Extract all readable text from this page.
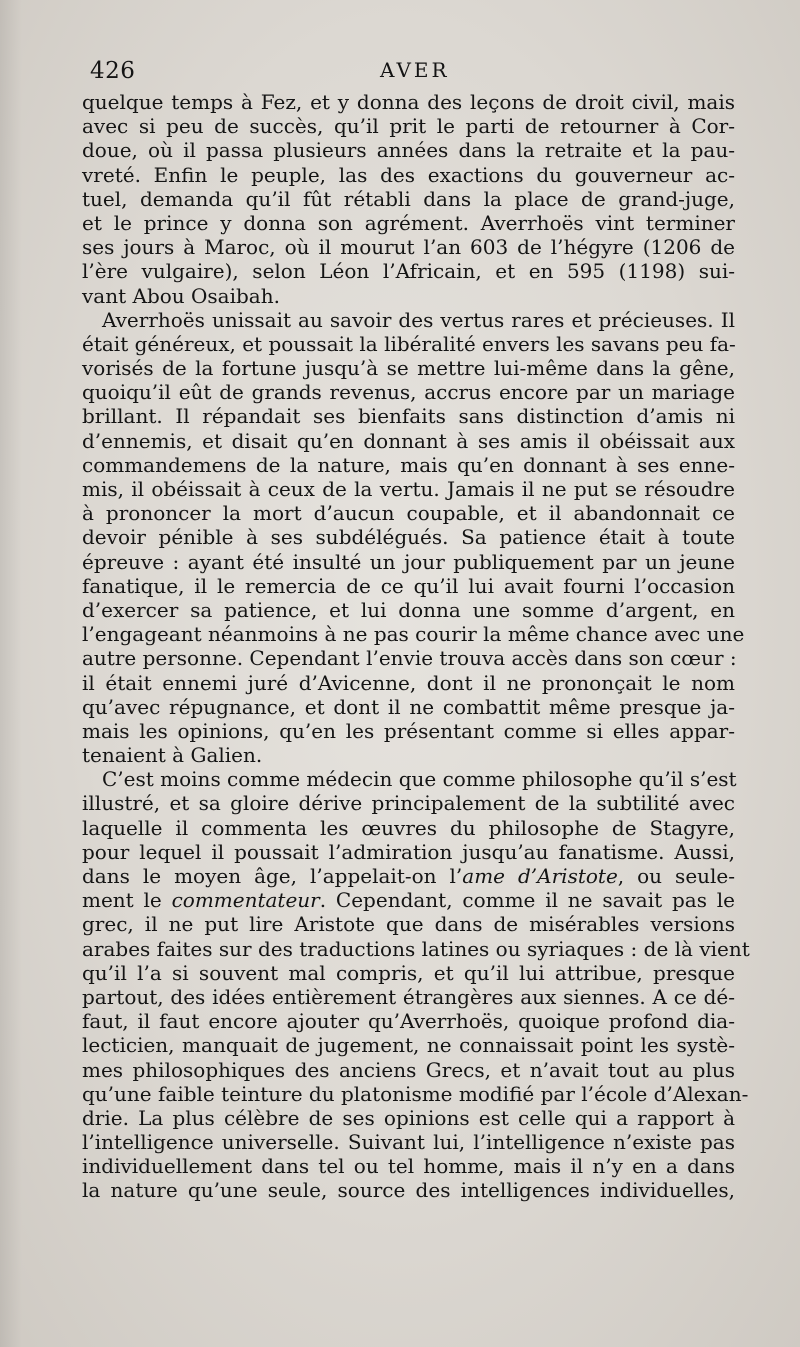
426	AVER
quelque temps à Fez, et y donna des leçons de droit civil, mais
avec si peu de succès, qu’il prit le parti de retourner à Cor-
doue, où il passa plusieurs années dans la retraite et la pau-
vreté. Enfin le peuple, las des exactions du gouverneur ac-
tuel, demanda qu’il fût rétabli dans la place de grand-juge,
et le prince y donna son agrément. Averrhoës vint terminer
ses jours à Maroc, où il mourut l’an 603 de l’hégyre (1206 de
l’ère vulgaire), selon Léon l’Africain, et en 595 (1198) sui-
vant Abou Osaibah.
Averrhoës unissait au savoir des vertus rares et précieuses. Il
était généreux, et poussait la libéralité envers les savans peu fa-
vorisés de la fortune jusqu’à se mettre lui-même dans la gêne,
quoiqu’il eût de grands revenus, accrus encore par un mariage
brillant. Il répandait ses bienfaits sans distinction d’amis ni
d’ennemis, et disait qu’en donnant à ses amis il obéissait aux
commandemens de la nature, mais qu’en donnant à ses enne-
mis, il obéissait à ceux de la vertu. Jamais il ne put se résoudre
à prononcer la mort d’aucun coupable, et il abandonnait ce
devoir pénible à ses subdélégués. Sa patience était à toute
épreuve : ayant été insulté un jour publiquement par un jeune
fanatique, il le remercia de ce qu’il lui avait fourni l’occasion
d’exercer sa patience, et lui donna une somme d’argent, en
l’engageant néanmoins à ne pas courir la même chance avec une
autre personne. Cependant l’envie trouva accès dans son cœur :
il était ennemi juré d’Avicenne, dont il ne prononçait le nom
qu’avec répugnance, et dont il ne combattit même presque ja-
mais les opinions, qu’en les présentant comme si elles appar-
tenaient à Galien.
C’est moins comme médecin que comme philosophe qu’il s’est
illustré, et sa gloire dérive principalement de la subtilité avec
laquelle il commenta les œuvres du philosophe de Stagyre,
pour lequel il poussait l’admiration jusqu’au fanatisme. Aussi,
dans le moyen âge, l’appelait-on l’ame d’Aristote, ou seule-
ment le commentateur. Cependant, comme il ne savait pas le
grec, il ne put lire Aristote que dans de misérables versions
arabes faites sur des traductions latines ou syriaques : de là vient
qu’il l’a si souvent mal compris, et qu’il lui attribue, presque
partout, des idées entièrement étrangères aux siennes. A ce dé-
faut, il faut encore ajouter qu’Averrhoës, quoique profond dia-
lecticien, manquait de jugement, ne connaissait point les systè-
mes philosophiques des anciens Grecs, et n’avait tout au plus
qu’une faible teinture du platonisme modifié par l’école d’Alexan-
drie. La plus célèbre de ses opinions est celle qui a rapport à
l’intelligence universelle. Suivant lui, l’intelligence n’existe pas
individuellement dans tel ou tel homme, mais il n’y en a dans
la nature qu’une seule, source des intelligences individuelles,
